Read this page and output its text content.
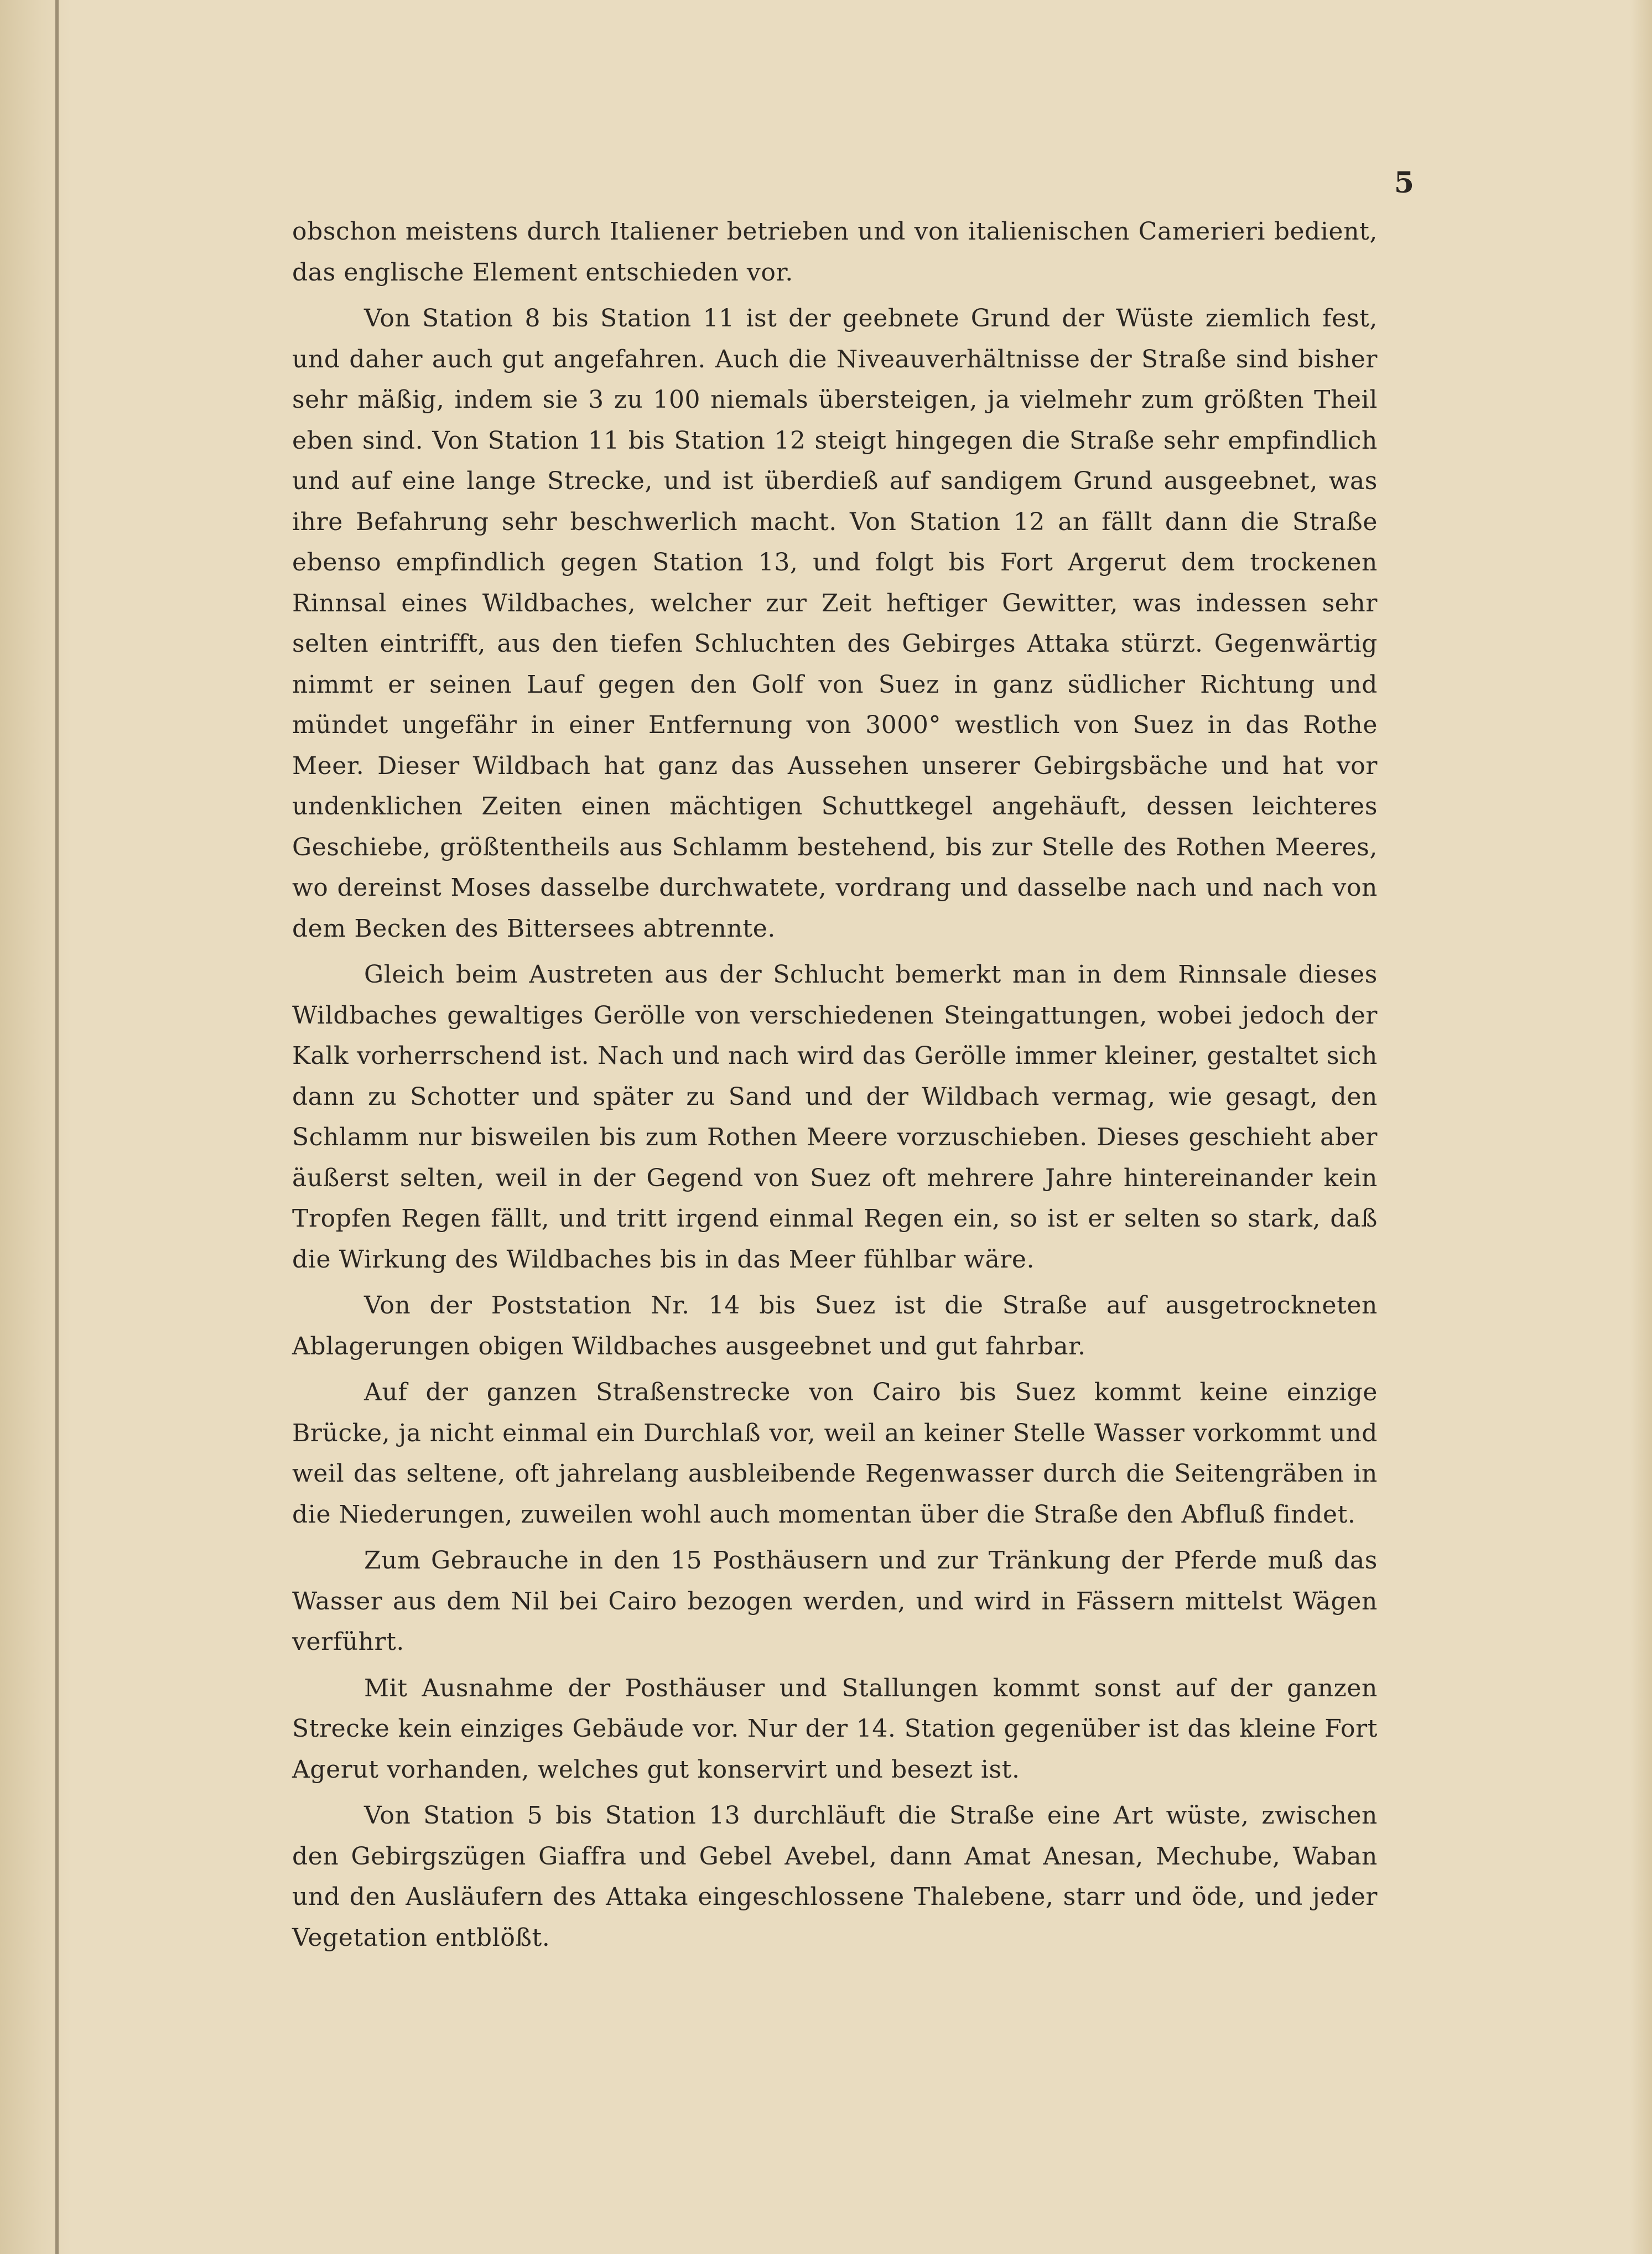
5

obschon meistens durch Italiener betrieben und von italienischen Camerieri bedient, das englische Element entschieden vor.

Von Station 8 bis Station 11 ist der geebnete Grund der Wüste ziemlich fest, und daher auch gut angefahren. Auch die Niveauverhältnisse der Straße sind bisher sehr mäßig, indem sie 3 zu 100 niemals übersteigen, ja vielmehr zum größten Theil eben sind. Von Station 11 bis Station 12 steigt hingegen die Straße sehr empfindlich und auf eine lange Strecke, und ist überdieß auf sandigem Grund ausgeebnet, was ihre Befahrung sehr beschwerlich macht. Von Station 12 an fällt dann die Straße ebenso empfindlich gegen Station 13, und folgt bis Fort Argerut dem trockenen Rinnsal eines Wildbaches, welcher zur Zeit heftiger Gewitter, was indessen sehr selten eintrifft, aus den tiefen Schluchten des Gebirges Attaka stürzt. Gegenwärtig nimmt er seinen Lauf gegen den Golf von Suez in ganz südlicher Richtung und mündet ungefähr in einer Entfernung von 3000° westlich von Suez in das Rothe Meer. Dieser Wildbach hat ganz das Aussehen unserer Gebirgsbäche und hat vor undenklichen Zeiten einen mächtigen Schuttkegel angehäuft, dessen leichteres Geschiebe, größtentheils aus Schlamm bestehend, bis zur Stelle des Rothen Meeres, wo dereinst Moses dasselbe durchwatete, vordrang und dasselbe nach und nach von dem Becken des Bittersees abtrennte.

Gleich beim Austreten aus der Schlucht bemerkt man in dem Rinnsale dieses Wildbaches gewaltiges Gerölle von verschiedenen Steingattungen, wobei jedoch der Kalk vorherrschend ist. Nach und nach wird das Gerölle immer kleiner, gestaltet sich dann zu Schotter und später zu Sand und der Wildbach vermag, wie gesagt, den Schlamm nur bisweilen bis zum Rothen Meere vorzuschieben. Dieses geschieht aber äußerst selten, weil in der Gegend von Suez oft mehrere Jahre hintereinander kein Tropfen Regen fällt, und tritt irgend einmal Regen ein, so ist er selten so stark, daß die Wirkung des Wildbaches bis in das Meer fühlbar wäre.

Von der Poststation Nr. 14 bis Suez ist die Straße auf ausgetrockneten Ablagerungen obigen Wildbaches ausgeebnet und gut fahrbar.

Auf der ganzen Straßenstrecke von Cairo bis Suez kommt keine einzige Brücke, ja nicht einmal ein Durchlaß vor, weil an keiner Stelle Wasser vorkommt und weil das seltene, oft jahrelang ausbleibende Regenwasser durch die Seitengräben in die Niederungen, zuweilen wohl auch momentan über die Straße den Abfluß findet.

Zum Gebrauche in den 15 Posthäusern und zur Tränkung der Pferde muß das Wasser aus dem Nil bei Cairo bezogen werden, und wird in Fässern mittelst Wägen verführt.

Mit Ausnahme der Posthäuser und Stallungen kommt sonst auf der ganzen Strecke kein einziges Gebäude vor. Nur der 14. Station gegenüber ist das kleine Fort Agerut vorhanden, welches gut konservirt und besezt ist.

Von Station 5 bis Station 13 durchläuft die Straße eine Art wüste, zwischen den Gebirgszügen Giaffra und Gebel Avebel, dann Amat Anesan, Mechube, Waban und den Ausläufern des Attaka eingeschlossene Thalebene, starr und öde, und jeder Vegetation entblößt.
